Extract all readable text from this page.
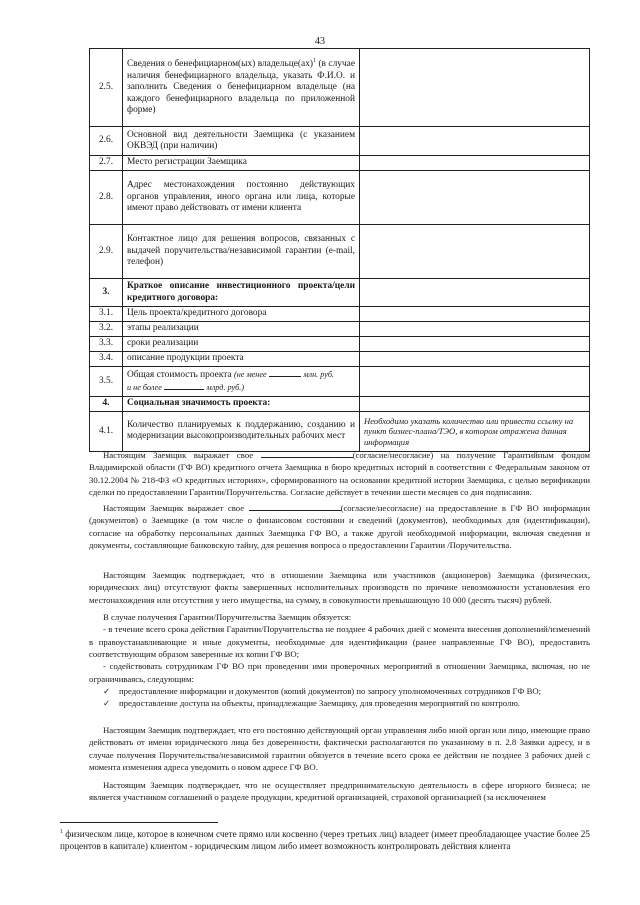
43
2.5.	Сведения о бенефициарном(ых) владельце(ах)$^1$ (в случае наличия бенефициарного владельца, указать Ф.И.О. и заполнить Сведения о бенефициарном владельце (на каждого бенефициарного владельца по приложенной форме)	
2.6.	Основной вид деятельности Заемщика (с указанием ОКВЭД (при наличии)	
2.7.	Место регистрации Заемщика	
2.8.	Адрес местонахождения постоянно действующих органов управления, иного органа или лица, которые имеют право действовать от имени клиента	
2.9.	Контактное лицо для решения вопросов, связанных с выдачей поручительства/независимой гарантии (e-mail, телефон)	
3.	Краткое описание инвестиционного проекта/цели кредитного договора:	
3.1.	Цель проекта/кредитного договора	
3.2.	этапы реализации	
3.3.	сроки реализации	
3.4.	описание продукции проекта	
3.5.	Общая стоимость проекта (не менее млн. руб.
и не более млрд. руб.)	
4.	Социальная значимость проекта:	
4.1.	Количество планируемых к поддержанию, созданию и модернизации высокопроизводительных рабочих мест	Необходимо указать количество или привести ссылку на пункт бизнес-плана/ТЭО, в котором отражена данная информация

Настоящим Заемщик выражает свое	(согласие/несогласие) на получение Гарантийным фондом Владимирской области (ГФ ВО) кредитного отчета Заемщика в бюро кредитных историй в соответствии с Федеральным законом от 30.12.2004 № 218-ФЗ «О кредитных историях», сформированного на основании кредитной истории Заемщика, с целью верификации сделки по предоставлении Гарантии/Поручительства. Согласие действует в течении шести месяцев со дня подписания.

Настоящим Заемщик выражает свое	(согласие/несогласие) на предоставление в ГФ ВО информации (документов) о Заемщике (в том числе о финансовом состоянии и сведений (документов), необходимых для (идентификации), согласие на обработку персональных данных Заемщика ГФ ВО, а также другой необходимой информации, включая сведения и документы, составляющие банковскую тайну, для решения вопроса о предоставлении Гарантии /Поручительства.

Настоящим Заемщик подтверждает, что в отношении Заемщика или участников (акционеров) Заемщика (физических, юридических лиц) отсутствуют факты завершенных исполнительных производств по причине невозможности установления его местонахождения или отсутствия у него имущества, на сумму, в совокупности превышающую 10 000 (десять тысяч) рублей.

В случае получения Гарантии/Поручительства Заемщик обязуется:

- в течение всего срока действия Гарантии/Поручительства не позднее 4 рабочих дней с момента внесения дополнений/изменений в правоустанавливающие и иные документы, необходимые для идентификации (ранее направленные ГФ ВО), предоставить соответствующим образом заверенные их копии ГФ ВО;

- содействовать сотрудникам ГФ ВО при проведении ими проверочных мероприятий в отношении Заемщика, включая, но не ограничиваясь, следующим:

✓ предоставление информации и документов (копий документов) по запросу уполномоченных сотрудников ГФ ВО;

✓ предоставление доступа на объекты, принадлежащие Заемщику, для проведения мероприятий по контролю.

Настоящим Заемщик подтверждает, что его постоянно действующий орган управления либо иной орган или лицо, имеющие право действовать от имени юридического лица без доверенности, фактически располагаются по указанному в п. 2.8 Заявки адресу, и в случае получения Поручительства/независимой гарантии обязуется в течение всего срока ее действия не позднее 3 рабочих дней с момента изменения адреса уведомить о новом адресе ГФ ВО.

Настоящим Заемщик подтверждает, что не осуществляет предпринимательскую деятельность в сфере игорного бизнеса; не является участником соглашений о разделе продукции, кредитной организацией, страховой организацией (за исключением

$^1$ физическом лице, которое в конечном счете прямо или косвенно (через третьих лиц) владеет (имеет преобладающее участие более 25 процентов в капитале) клиентом - юридическим лицом либо имеет возможность контролировать действия клиента
